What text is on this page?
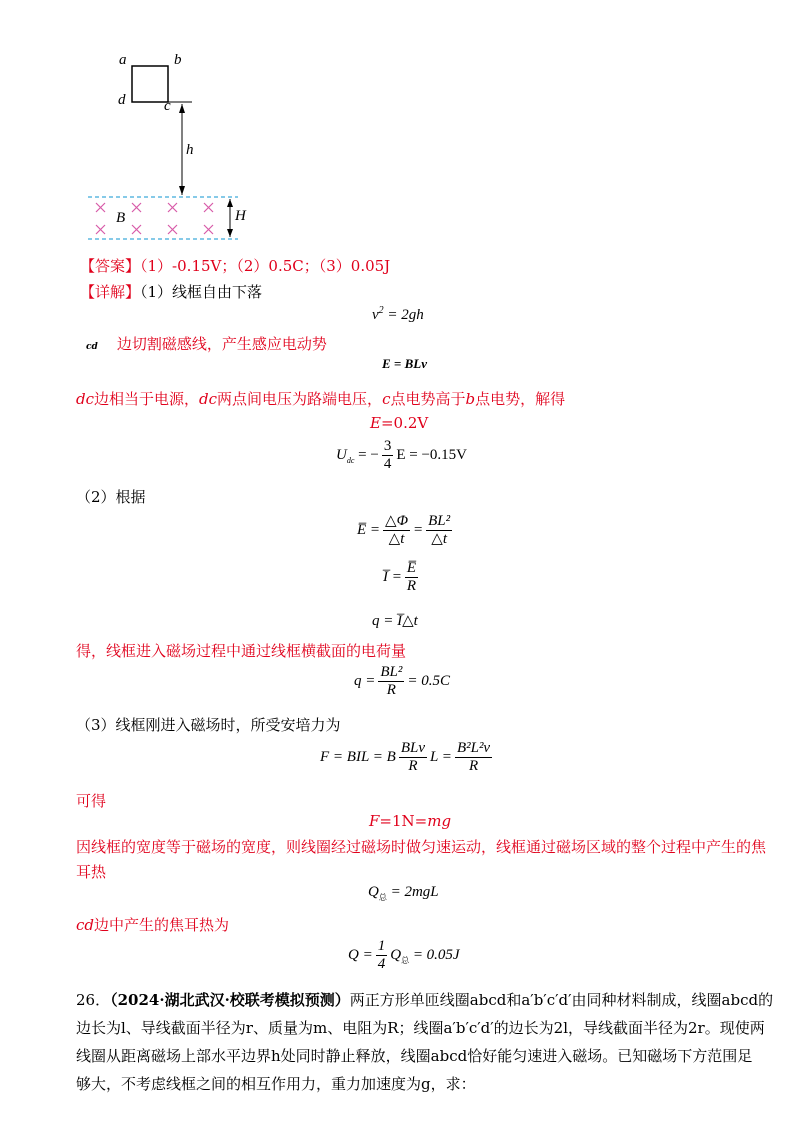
a	b
d	c
h
B	H
【答案】（1）-0.15V；（2）0.5C；（3）0.05J
【详解】（1）线框自由下落
$v^2 = 2gh$
cd 边切割磁感线，产生感应电动势
E = BLv
dc边相当于电源，dc两点间电压为路端电压，c点电势高于b点电势，解得
E=0.2V
$U_{dc}$ = − $\frac{3}{4}$ E = −0.15V
（2）根据
E̅ = $\frac{\triangle\Phi}{\triangle t} = \frac{\text{BL²}}{\triangle t}$
I̅ = $\frac{E̅}{R}$
q = I̅△t
得，线框进入磁场过程中通过线框横截面的电荷量
$q = \frac{\text{BL²}}{R} = 0.5C$
（3）线框刚进入磁场时，所受安培力为
F = BIL = B $\frac{\text{BLv}}{R}$ $L = \frac{\text{B²L²v}}{R}$
可得
F=1N=mg
因线框的宽度等于磁场的宽度，则线圈经过磁场时做匀速运动，线框通过磁场区域的整个过程中产生的焦
耳热
$Q_总 = 2mgL$
cd边中产生的焦耳热为
$Q = \frac{1}{4} Q_总 = 0.05J$
26．（2024·湖北武汉·校联考模拟预测）两正方形单匝线圈abcd和a′b′c′d′由同种材料制成，线圈abcd的
边长为l、导线截面半径为r、质量为m、电阻为R；线圈a′b′c′d′的边长为2l，导线截面半径为2r。现使两
线圈从距离磁场上部水平边界h处同时静止释放，线圈abcd恰好能匀速进入磁场。已知磁场下方范围足
够大，不考虑线框之间的相互作用力，重力加速度为g，求：
